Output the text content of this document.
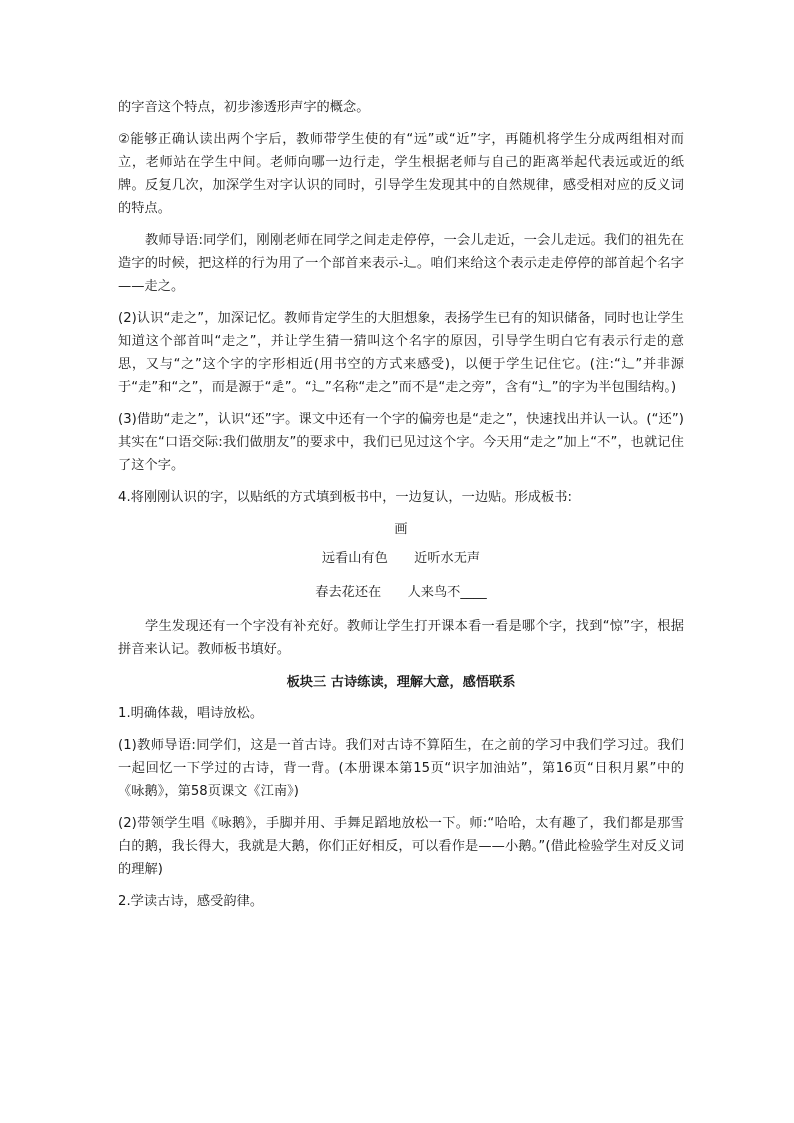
的字音这个特点，初步渗透形声字的概念。

②能够正确认读出两个字后，教师带学生使的有“远”或“近”字，再随机将学生分成两组相对而立，老师站在学生中间。老师向哪一边行走，学生根据老师与自己的距离举起代表远或近的纸牌。反复几次，加深学生对字认识的同时，引导学生发现其中的自然规律，感受相对应的反义词的特点。

教师导语:同学们，刚刚老师在同学之间走走停停，一会儿走近，一会儿走远。我们的祖先在造字的时候，把这样的行为用了一个部首来表示-辶。咱们来给这个表示走走停停的部首起个名字——走之。

(2)认识“走之”，加深记忆。教师肯定学生的大胆想象，表扬学生已有的知识储备，同时也让学生知道这个部首叫“走之”，并让学生猜一猜叫这个名字的原因，引导学生明白它有表示行走的意思，又与“之”这个字的字形相近(用书空的方式来感受)，以便于学生记住它。(注:“辶”并非源于“走”和“之”，而是源于“辵”。“辶”名称“走之”而不是“走之旁”，含有“辶”的字为半包围结构。)

(3)借助“走之”，认识“还”字。课文中还有一个字的偏旁也是“走之”，快速找出并认一认。(“还”)其实在“口语交际:我们做朋友”的要求中，我们已见过这个字。今天用“走之”加上“不”，也就记住了这个字。

4.将刚刚认识的字，以贴纸的方式填到板书中，一边复认，一边贴。形成板书:

画
远看山有色　　近听水无声
春去花还在　　人来鸟不____

学生发现还有一个字没有补充好。教师让学生打开课本看一看是哪个字，找到“惊”字，根据拼音来认记。教师板书填好。

板块三 古诗练读，理解大意，感悟联系

1.明确体裁，唱诗放松。

(1)教师导语:同学们，这是一首古诗。我们对古诗不算陌生，在之前的学习中我们学习过。我们一起回忆一下学过的古诗，背一背。(本册课本第15页“识字加油站”，第16页“日积月累”中的《咏鹅》，第58页课文《江南》)

(2)带领学生唱《咏鹅》，手脚并用、手舞足蹈地放松一下。师:“哈哈，太有趣了，我们都是那雪白的鹅，我长得大，我就是大鹅，你们正好相反，可以看作是——小鹅。”(借此检验学生对反义词的理解)

2.学读古诗，感受韵律。
